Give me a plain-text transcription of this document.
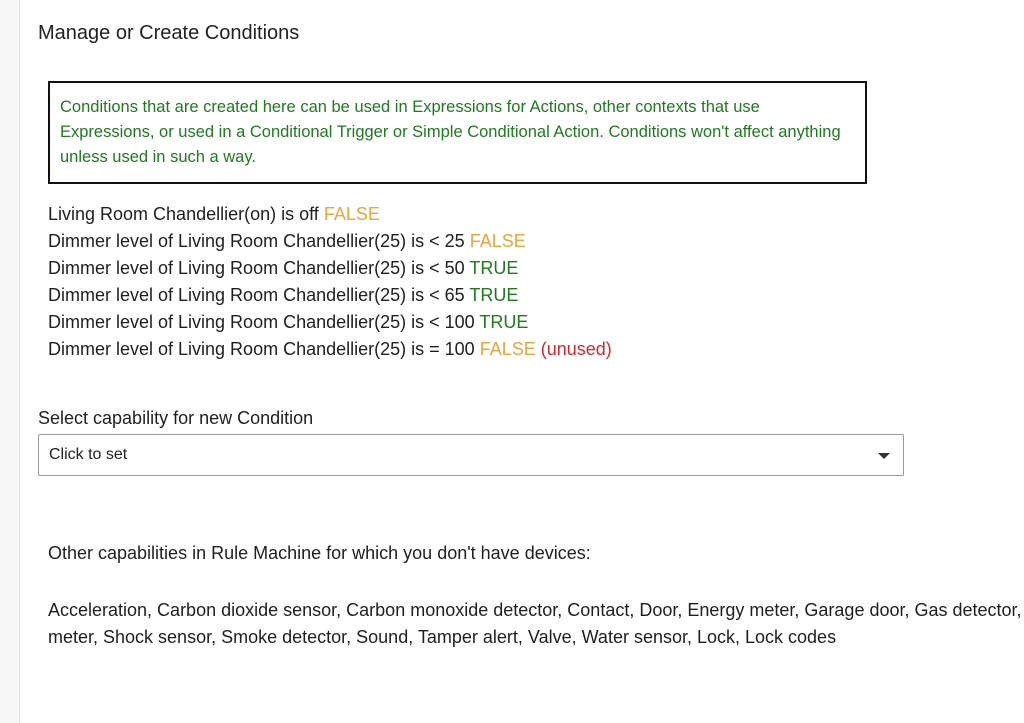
Manage or Create Conditions
Conditions that are created here can be used in Expressions for Actions, other contexts that use Expressions, or used in a Conditional Trigger or Simple Conditional Action. Conditions won't affect anything unless used in such a way.
Living Room Chandellier(on) is off FALSE
Dimmer level of Living Room Chandellier(25) is < 25 FALSE
Dimmer level of Living Room Chandellier(25) is < 50 TRUE
Dimmer level of Living Room Chandellier(25) is < 65 TRUE
Dimmer level of Living Room Chandellier(25) is < 100 TRUE
Dimmer level of Living Room Chandellier(25) is = 100 FALSE (unused)
Select capability for new Condition
Click to set
Other capabilities in Rule Machine for which you don't have devices:
Acceleration, Carbon dioxide sensor, Carbon monoxide detector, Contact, Door, Energy meter, Garage door, Gas detector,
meter, Shock sensor, Smoke detector, Sound, Tamper alert, Valve, Water sensor, Lock, Lock codes
